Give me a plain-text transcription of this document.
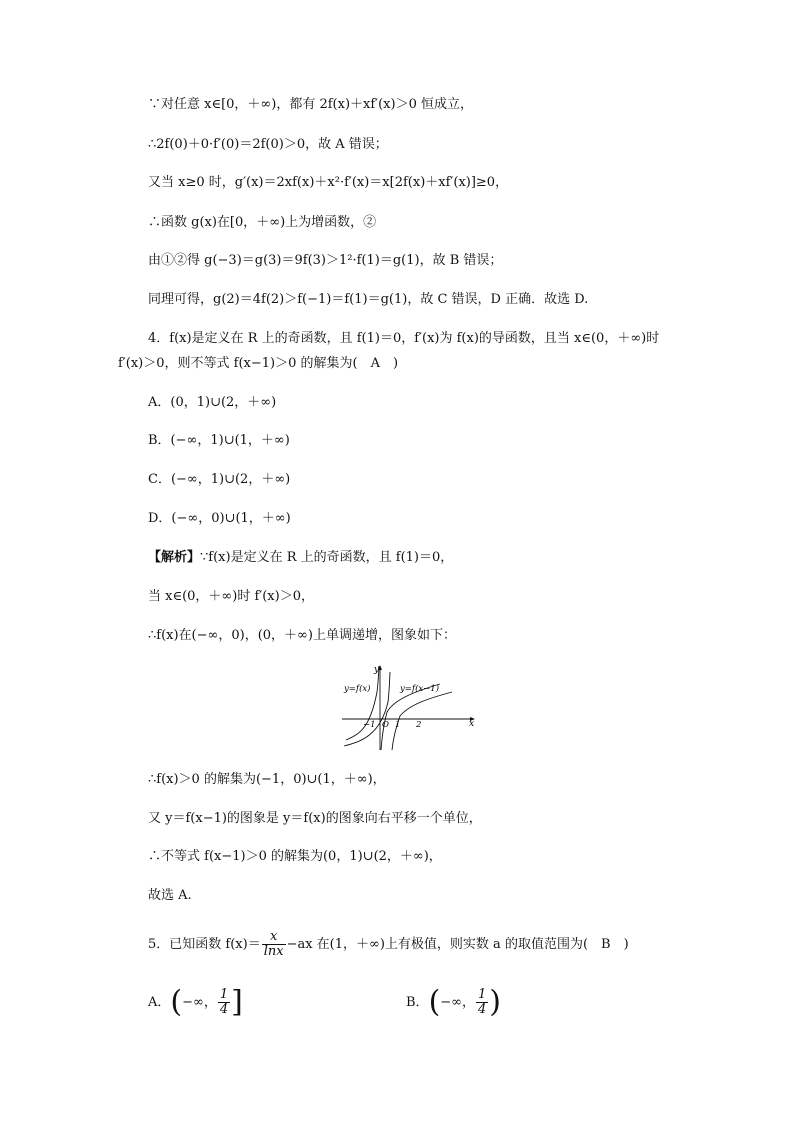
∵对任意 x∈[0，＋∞)，都有 2f(x)＋xf′(x)＞0 恒成立，
∴2f(0)＋0·f′(0)＝2f(0)＞0，故 A 错误；
又当 x≥0 时，g′(x)＝2xf(x)＋x²·f′(x)＝x[2f(x)＋xf′(x)]≥0，
∴函数 g(x)在[0，＋∞)上为增函数，②
由①②得 g(−3)＝g(3)＝9f(3)＞1²·f(1)＝g(1)，故 B 错误；
同理可得，g(2)＝4f(2)＞f(−1)＝f(1)＝g(1)，故 C 错误，D 正确．故选 D.
4．f(x)是定义在 R 上的奇函数，且 f(1)＝0，f′(x)为 f(x)的导函数，且当 x∈(0，＋∞)时
f′(x)＞0，则不等式 f(x−1)＞0 的解集为(　A　)
A．(0，1)∪(2，＋∞)
B．(−∞，1)∪(1，＋∞)
C．(−∞，1)∪(2，＋∞)
D．(−∞，0)∪(1，＋∞)
【解析】∵f(x)是定义在 R 上的奇函数，且 f(1)＝0，
当 x∈(0，＋∞)时 f′(x)＞0，
∴f(x)在(−∞，0)，(0，＋∞)上单调递增，图象如下：
y
x
y=f(x)	y=f(x−1)
−1 O 1 2
∴f(x)＞0 的解集为(−1，0)∪(1，＋∞)，
又 y＝f(x−1)的图象是 y＝f(x)的图象向右平移一个单位，
∴不等式 f(x−1)＞0 的解集为(0，1)∪(2，＋∞)，
故选 A.
5．已知函数 $f(x)= \frac{x}{\ln x} -ax$ 在(1，＋∞)上有极值，则实数 a 的取值范围为(　B　)
A．(−∞， $\frac{1}{4}$ ]	B．(−∞， $\frac{1}{4}$ )
